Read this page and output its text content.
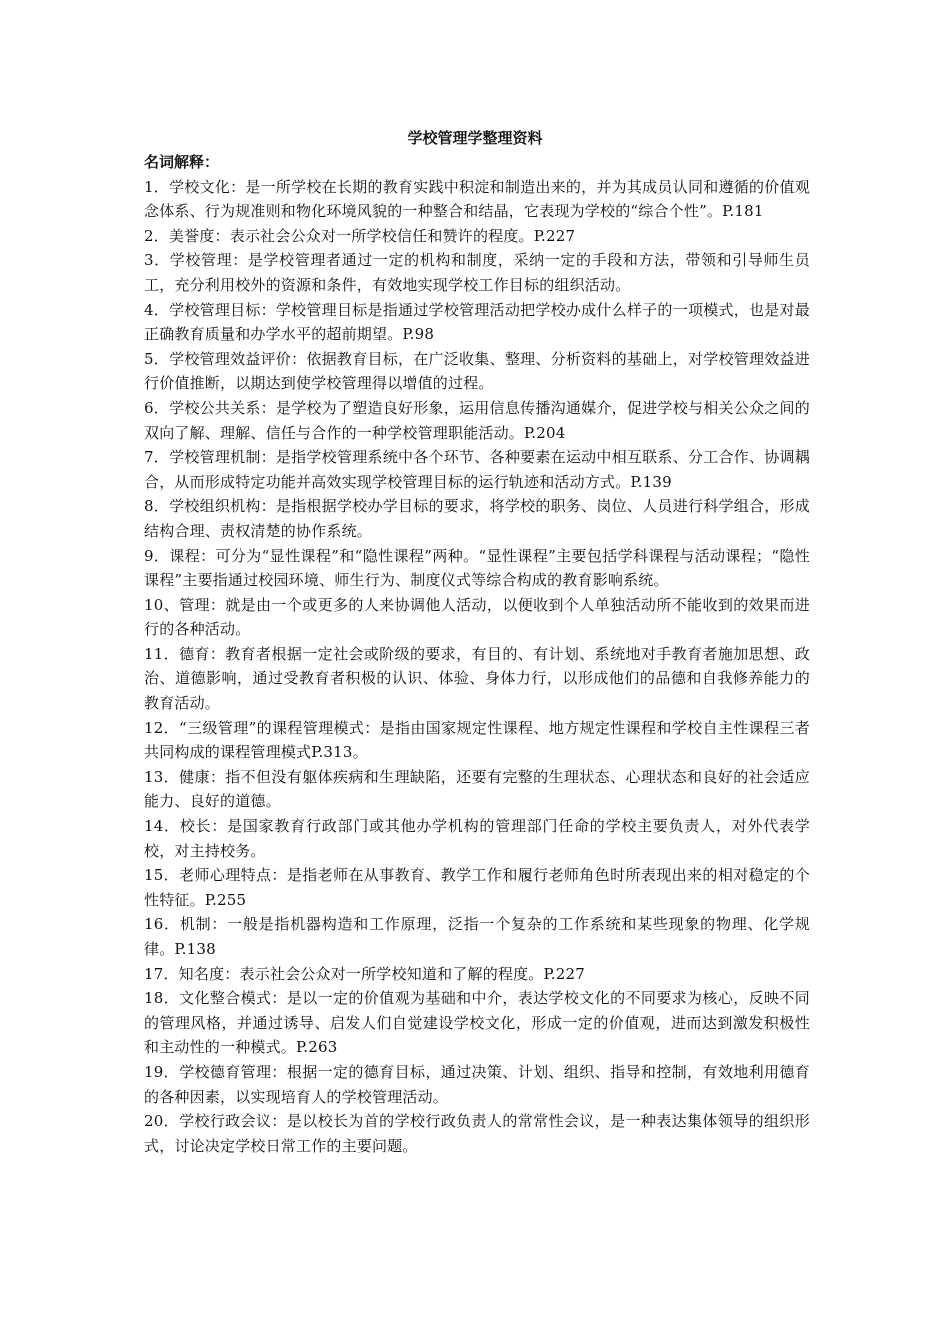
学校管理学整理资料

名词解释：

1．学校文化：是一所学校在长期的教育实践中积淀和制造出来的，并为其成员认同和遵循的价值观念体系、行为规准则和物化环境风貌的一种整合和结晶，它表现为学校的“综合个性”。P.181

2．美誉度：表示社会公众对一所学校信任和赞许的程度。P.227

3．学校管理：是学校管理者通过一定的机构和制度，采纳一定的手段和方法，带领和引导师生员工，充分利用校外的资源和条件，有效地实现学校工作目标的组织活动。

4．学校管理目标：学校管理目标是指通过学校管理活动把学校办成什么样子的一项模式，也是对最正确教育质量和办学水平的超前期望。P.98

5．学校管理效益评价：依据教育目标，在广泛收集、整理、分析资料的基础上，对学校管理效益进行价值推断，以期达到使学校管理得以增值的过程。

6．学校公共关系：是学校为了塑造良好形象，运用信息传播沟通媒介，促进学校与相关公众之间的双向了解、理解、信任与合作的一种学校管理职能活动。P.204

7．学校管理机制：是指学校管理系统中各个环节、各种要素在运动中相互联系、分工合作、协调耦合，从而形成特定功能并高效实现学校管理目标的运行轨迹和活动方式。P.139

8．学校组织机构：是指根据学校办学目标的要求，将学校的职务、岗位、人员进行科学组合，形成结构合理、责权清楚的协作系统。

9．课程：可分为“显性课程”和“隐性课程”两种。“显性课程”主要包括学科课程与活动课程；“隐性课程”主要指通过校园环境、师生行为、制度仪式等综合构成的教育影响系统。

10、管理：就是由一个或更多的人来协调他人活动，以便收到个人单独活动所不能收到的效果而进行的各种活动。

11．德育：教育者根据一定社会或阶级的要求，有目的、有计划、系统地对手教育者施加思想、政治、道德影响，通过受教育者积极的认识、体验、身体力行，以形成他们的品德和自我修养能力的教育活动。

12．“三级管理”的课程管理模式：是指由国家规定性课程、地方规定性课程和学校自主性课程三者共同构成的课程管理模式P.313。

13．健康：指不但没有躯体疾病和生理缺陷，还要有完整的生理状态、心理状态和良好的社会适应能力、良好的道德。

14．校长：是国家教育行政部门或其他办学机构的管理部门任命的学校主要负责人，对外代表学校，对主持校务。

15．老师心理特点：是指老师在从事教育、教学工作和履行老师角色时所表现出来的相对稳定的个性特征。P.255

16．机制：一般是指机器构造和工作原理，泛指一个复杂的工作系统和某些现象的物理、化学规律。P.138

17．知名度：表示社会公众对一所学校知道和了解的程度。P.227

18．文化整合模式：是以一定的价值观为基础和中介，表达学校文化的不同要求为核心，反映不同的管理风格，并通过诱导、启发人们自觉建设学校文化，形成一定的价值观，进而达到激发积极性和主动性的一种模式。P.263

19．学校德育管理：根据一定的德育目标，通过决策、计划、组织、指导和控制，有效地利用德育的各种因素，以实现培育人的学校管理活动。

20．学校行政会议：是以校长为首的学校行政负责人的常常性会议，是一种表达集体领导的组织形式，讨论决定学校日常工作的主要问题。
